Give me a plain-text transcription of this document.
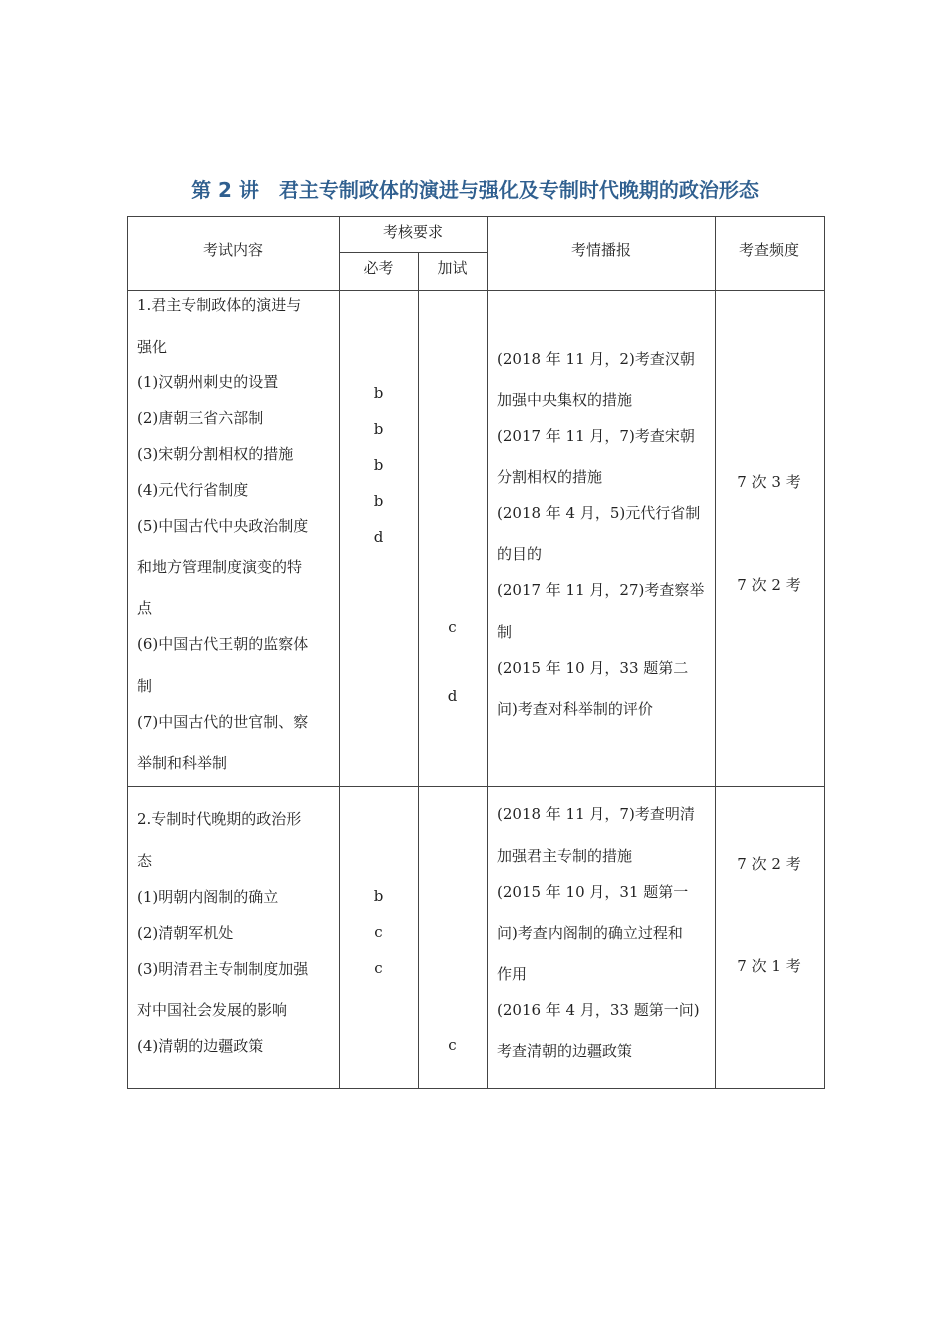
第 2 讲　君主专制政体的演进与强化及专制时代晚期的政治形态
考试内容
考核要求
必考	加试
考情播报	考查频度
1.君主专制政体的演进与
强化
(1)汉朝州刺史的设置
(2)唐朝三省六部制
(3)宋朝分割相权的措施
(4)元代行省制度
(5)中国古代中央政治制度
和地方管理制度演变的特
点
(6)中国古代王朝的监察体
制
(7)中国古代的世官制、察
举制和科举制
b
b
b
b
d
c
d
(2018 年 11 月，2)考查汉朝
加强中央集权的措施
(2017 年 11 月，7)考查宋朝
分割相权的措施
(2018 年 4 月，5)元代行省制
的目的
(2017 年 11 月，27)考查察举
制
(2015 年 10 月，33 题第二
问)考查对科举制的评价
7 次 3 考
7 次 2 考
2.专制时代晚期的政治形
态
(1)明朝内阁制的确立
(2)清朝军机处
(3)明清君主专制制度加强
对中国社会发展的影响
(4)清朝的边疆政策
b
c
c
c
(2018 年 11 月，7)考查明清
加强君主专制的措施
(2015 年 10 月，31 题第一
问)考查内阁制的确立过程和
作用
(2016 年 4 月，33 题第一问)
考查清朝的边疆政策
7 次 2 考
7 次 1 考
